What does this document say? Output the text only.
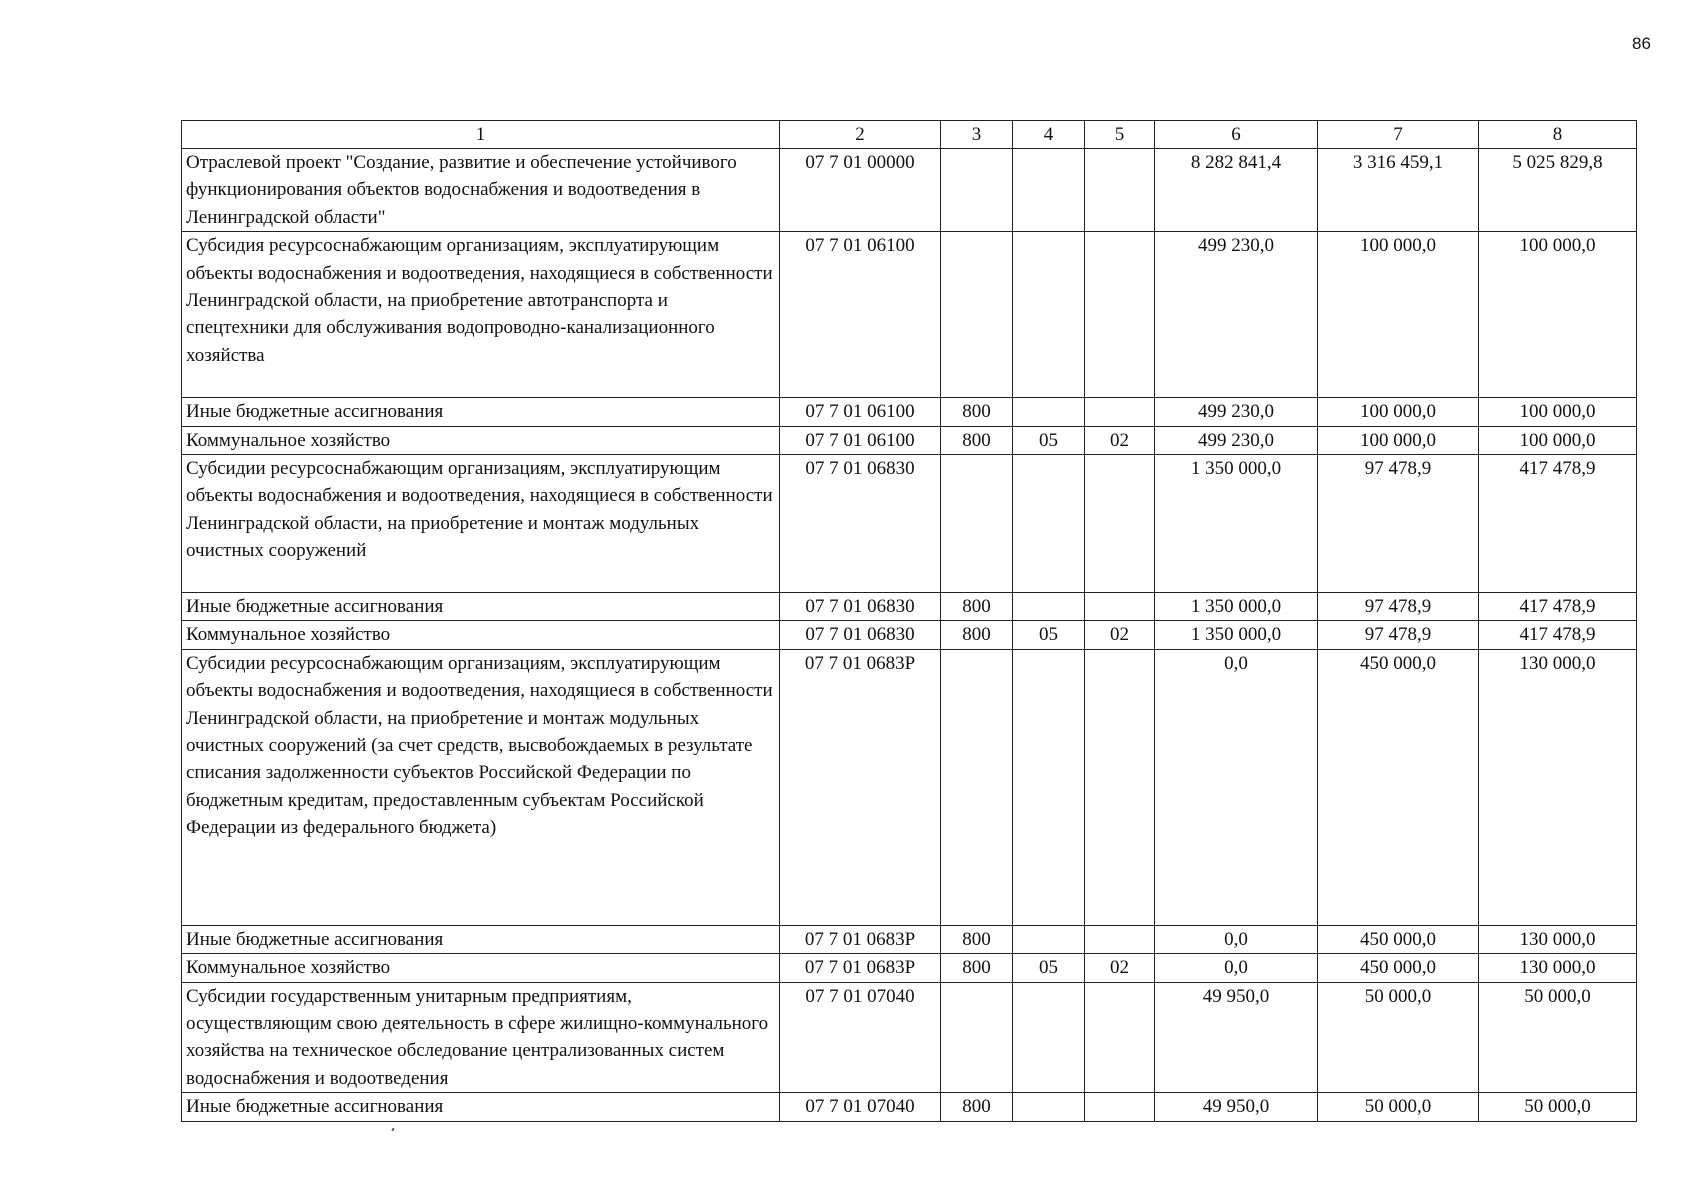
86
1	2	3	4	5	6	7	8
Отраслевой проект "Создание, развитие и обеспечение устойчивого функционирования объектов водоснабжения и водоотведения в Ленинградской области"	07 7 01 00000				8 282 841,4	3 316 459,1	5 025 829,8
Субсидия ресурсоснабжающим организациям, эксплуатирующим объекты водоснабжения и водоотведения, находящиеся в собственности Ленинградской области, на приобретение автотранспорта и спецтехники для обслуживания водопроводно-канализационного хозяйства	07 7 01 06100				499 230,0	100 000,0	100 000,0
Иные бюджетные ассигнования	07 7 01 06100	800			499 230,0	100 000,0	100 000,0
Коммунальное хозяйство	07 7 01 06100	800	05	02	499 230,0	100 000,0	100 000,0
Субсидии ресурсоснабжающим организациям, эксплуатирующим объекты водоснабжения и водоотведения, находящиеся в собственности Ленинградской области, на приобретение и монтаж модульных очистных сооружений	07 7 01 06830				1 350 000,0	97 478,9	417 478,9
Иные бюджетные ассигнования	07 7 01 06830	800			1 350 000,0	97 478,9	417 478,9
Коммунальное хозяйство	07 7 01 06830	800	05	02	1 350 000,0	97 478,9	417 478,9
Субсидии ресурсоснабжающим организациям, эксплуатирующим объекты водоснабжения и водоотведения, находящиеся в собственности Ленинградской области, на приобретение и монтаж модульных очистных сооружений (за счет средств, высвобождаемых в результате списания задолженности субъектов Российской Федерации по бюджетным кредитам, предоставленным субъектам Российской Федерации из федерального бюджета)	07 7 01 0683Р				0,0	450 000,0	130 000,0
Иные бюджетные ассигнования	07 7 01 0683Р	800			0,0	450 000,0	130 000,0
Коммунальное хозяйство	07 7 01 0683Р	800	05	02	0,0	450 000,0	130 000,0
Субсидии государственным унитарным предприятиям, осуществляющим свою деятельность в сфере жилищно-коммунального хозяйства на техническое обследование централизованных систем водоснабжения и водоотведения	07 7 01 07040				49 950,0	50 000,0	50 000,0
Иные бюджетные ассигнования	07 7 01 07040	800			49 950,0	50 000,0	50 000,0
